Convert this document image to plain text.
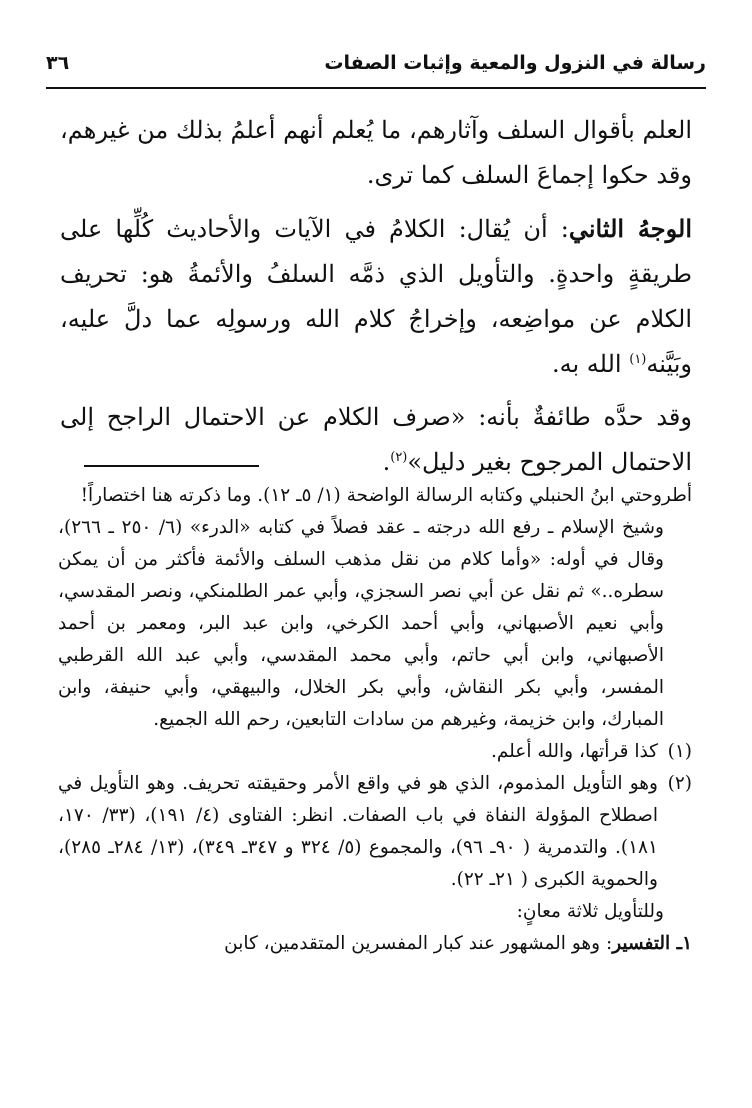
رسالة في النزول والمعية وإثبات الصفات
٣٦

العلم بأقوال السلف وآثارهم، ما يُعلم أنهم أعلمُ بذلك من غيرهم، وقد حكوا إجماعَ السلف كما ترى.

الوجهُ الثاني: أن يُقال: الكلامُ في الآيات والأحاديث كُلِّها على طريقةٍ واحدةٍ. والتأويل الذي ذمَّه السلفُ والأئمةُ هو: تحريف الكلام عن مواضِعه، وإخراجُ كلام الله ورسولِه عما دلَّ عليه، وبَيَّنه$^{(١)}$ الله به.

وقد حدَّه طائفةٌ بأنه: «صرف الكلام عن الاحتمال الراجح إلى الاحتمال المرجوح بغير دليل»$^{(٢)}$.

أطروحتي ابنُ الحنبلي وكتابه الرسالة الواضحة (١/ ٥ـ ١٢). وما ذكرته هنا اختصاراً!

وشيخ الإسلام ـ رفع الله درجته ـ عقد فصلاً في كتابه «الدرء» (٦/ ٢٥٠ ـ ٢٦٦)، وقال في أوله: «وأما كلام من نقل مذهب السلف والأئمة فأكثر من أن يمكن سطره..» ثم نقل عن أبي نصر السجزي، وأبي عمر الطلمنكي، ونصر المقدسي، وأبي نعيم الأصبهاني، وأبي أحمد الكرخي، وابن عبد البر، ومعمر بن أحمد الأصبهاني، وابن أبي حاتم، وأبي محمد المقدسي، وأبي عبد الله القرطبي المفسر، وأبي بكر النقاش، وأبي بكر الخلال، والبيهقي، وأبي حنيفة، وابن المبارك، وابن خزيمة، وغيرهم من سادات التابعين، رحم الله الجميع.

(١)
كذا قرأتها، والله أعلم.
(٢)
وهو التأويل المذموم، الذي هو في واقع الأمر وحقيقته تحريف. وهو التأويل في اصطلاح المؤولة النفاة في باب الصفات. انظر: الفتاوى (٤/ ١٩١)، (٣٣/ ١٧٠، ١٨١). والتدمرية ( ٩٠ـ ٩٦)، والمجموع (٥/ ٣٢٤ و ٣٤٧ـ ٣٤٩)، (١٣/ ٢٨٤ـ ٢٨٥)، والحموية الكبرى ( ٢١ـ ٢٢).

وللتأويل ثلاثة معانٍ:

١ـ التفسير: وهو المشهور عند كبار المفسرين المتقدمين، كابن
